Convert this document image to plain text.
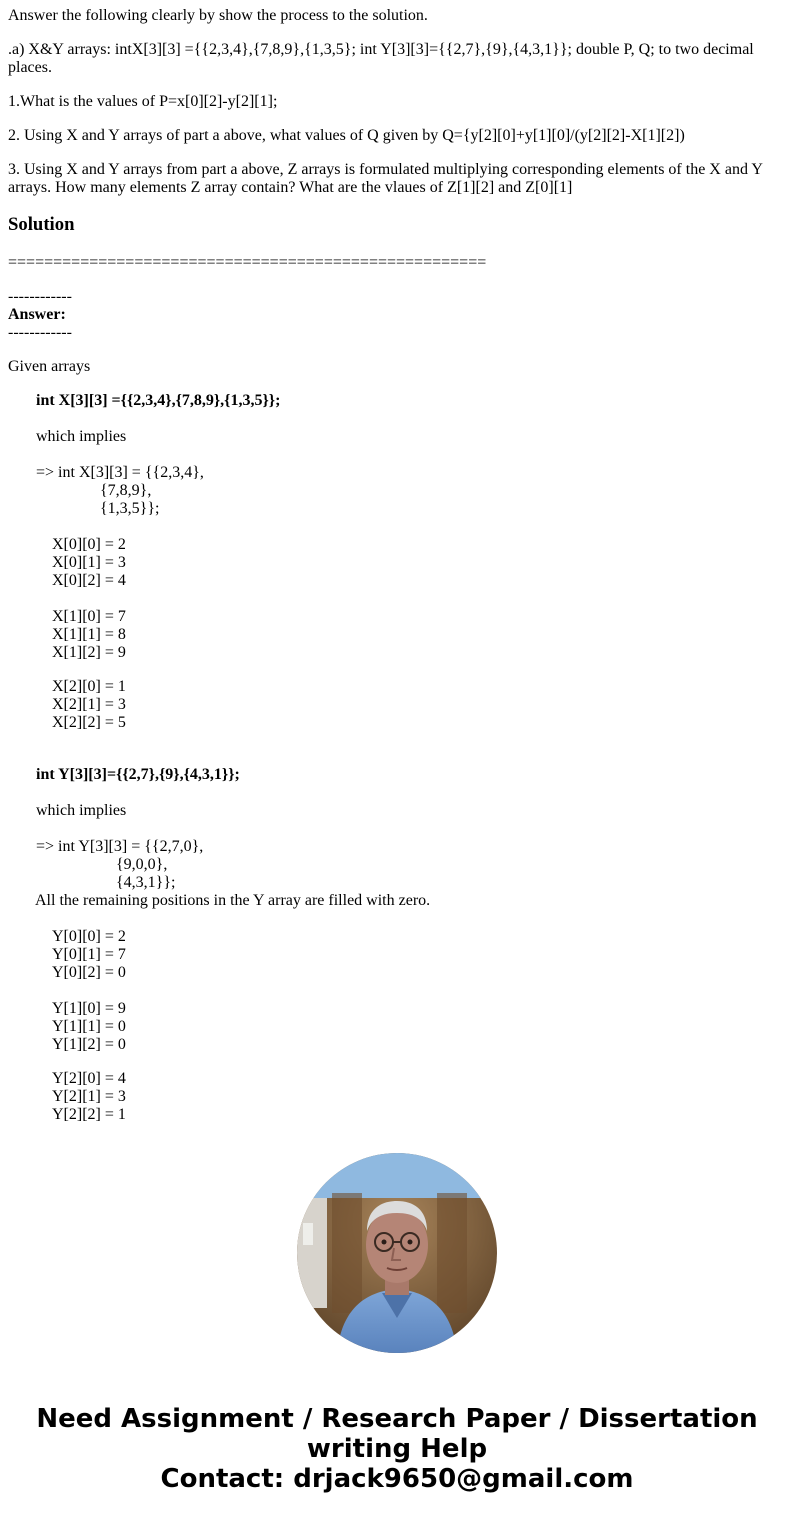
Answer the following clearly by show the process to the solution.

.a) X&Y arrays: intX[3][3] ={{2,3,4},{7,8,9},{1,3,5}; int Y[3][3]={{2,7},{9},{4,3,1}}; double P, Q; to two decimal places.

1.What is the values of P=x[0][2]-y[2][1];

2. Using X and Y arrays of part a above, what values of Q given by Q={y[2][0]+y[1][0]/(y[2][2]-X[1][2])

3. Using X and Y arrays from part a above, Z arrays is formulated multiplying corresponding elements of the X and Y arrays. How many elements Z array contain? What are the vlaues of Z[1][2] and Z[0][1]

Solution
=====================================================
------------
Answer:
------------
Given arrays
int X[3][3] ={{2,3,4},{7,8,9},{1,3,5}};
which implies
=> int X[3][3] = {{2,3,4},
{7,8,9},
{1,3,5}};
X[0][0] = 2
X[0][1] = 3
X[0][2] = 4
X[1][0] = 7
X[1][1] = 8
X[1][2] = 9
X[2][0] = 1
X[2][1] = 3
X[2][2] = 5
int Y[3][3]={{2,7},{9},{4,3,1}};
which implies
=> int Y[3][3] = {{2,7,0},
{9,0,0},
{4,3,1}};
All the remaining positions in the Y array are filled with zero.
Y[0][0] = 2
Y[0][1] = 7
Y[0][2] = 0
Y[1][0] = 9
Y[1][1] = 0
Y[1][2] = 0
Y[2][0] = 4
Y[2][1] = 3
Y[2][2] = 1
Need Assignment / Research Paper / Dissertation
writing Help
Contact: drjack9650@gmail.com
